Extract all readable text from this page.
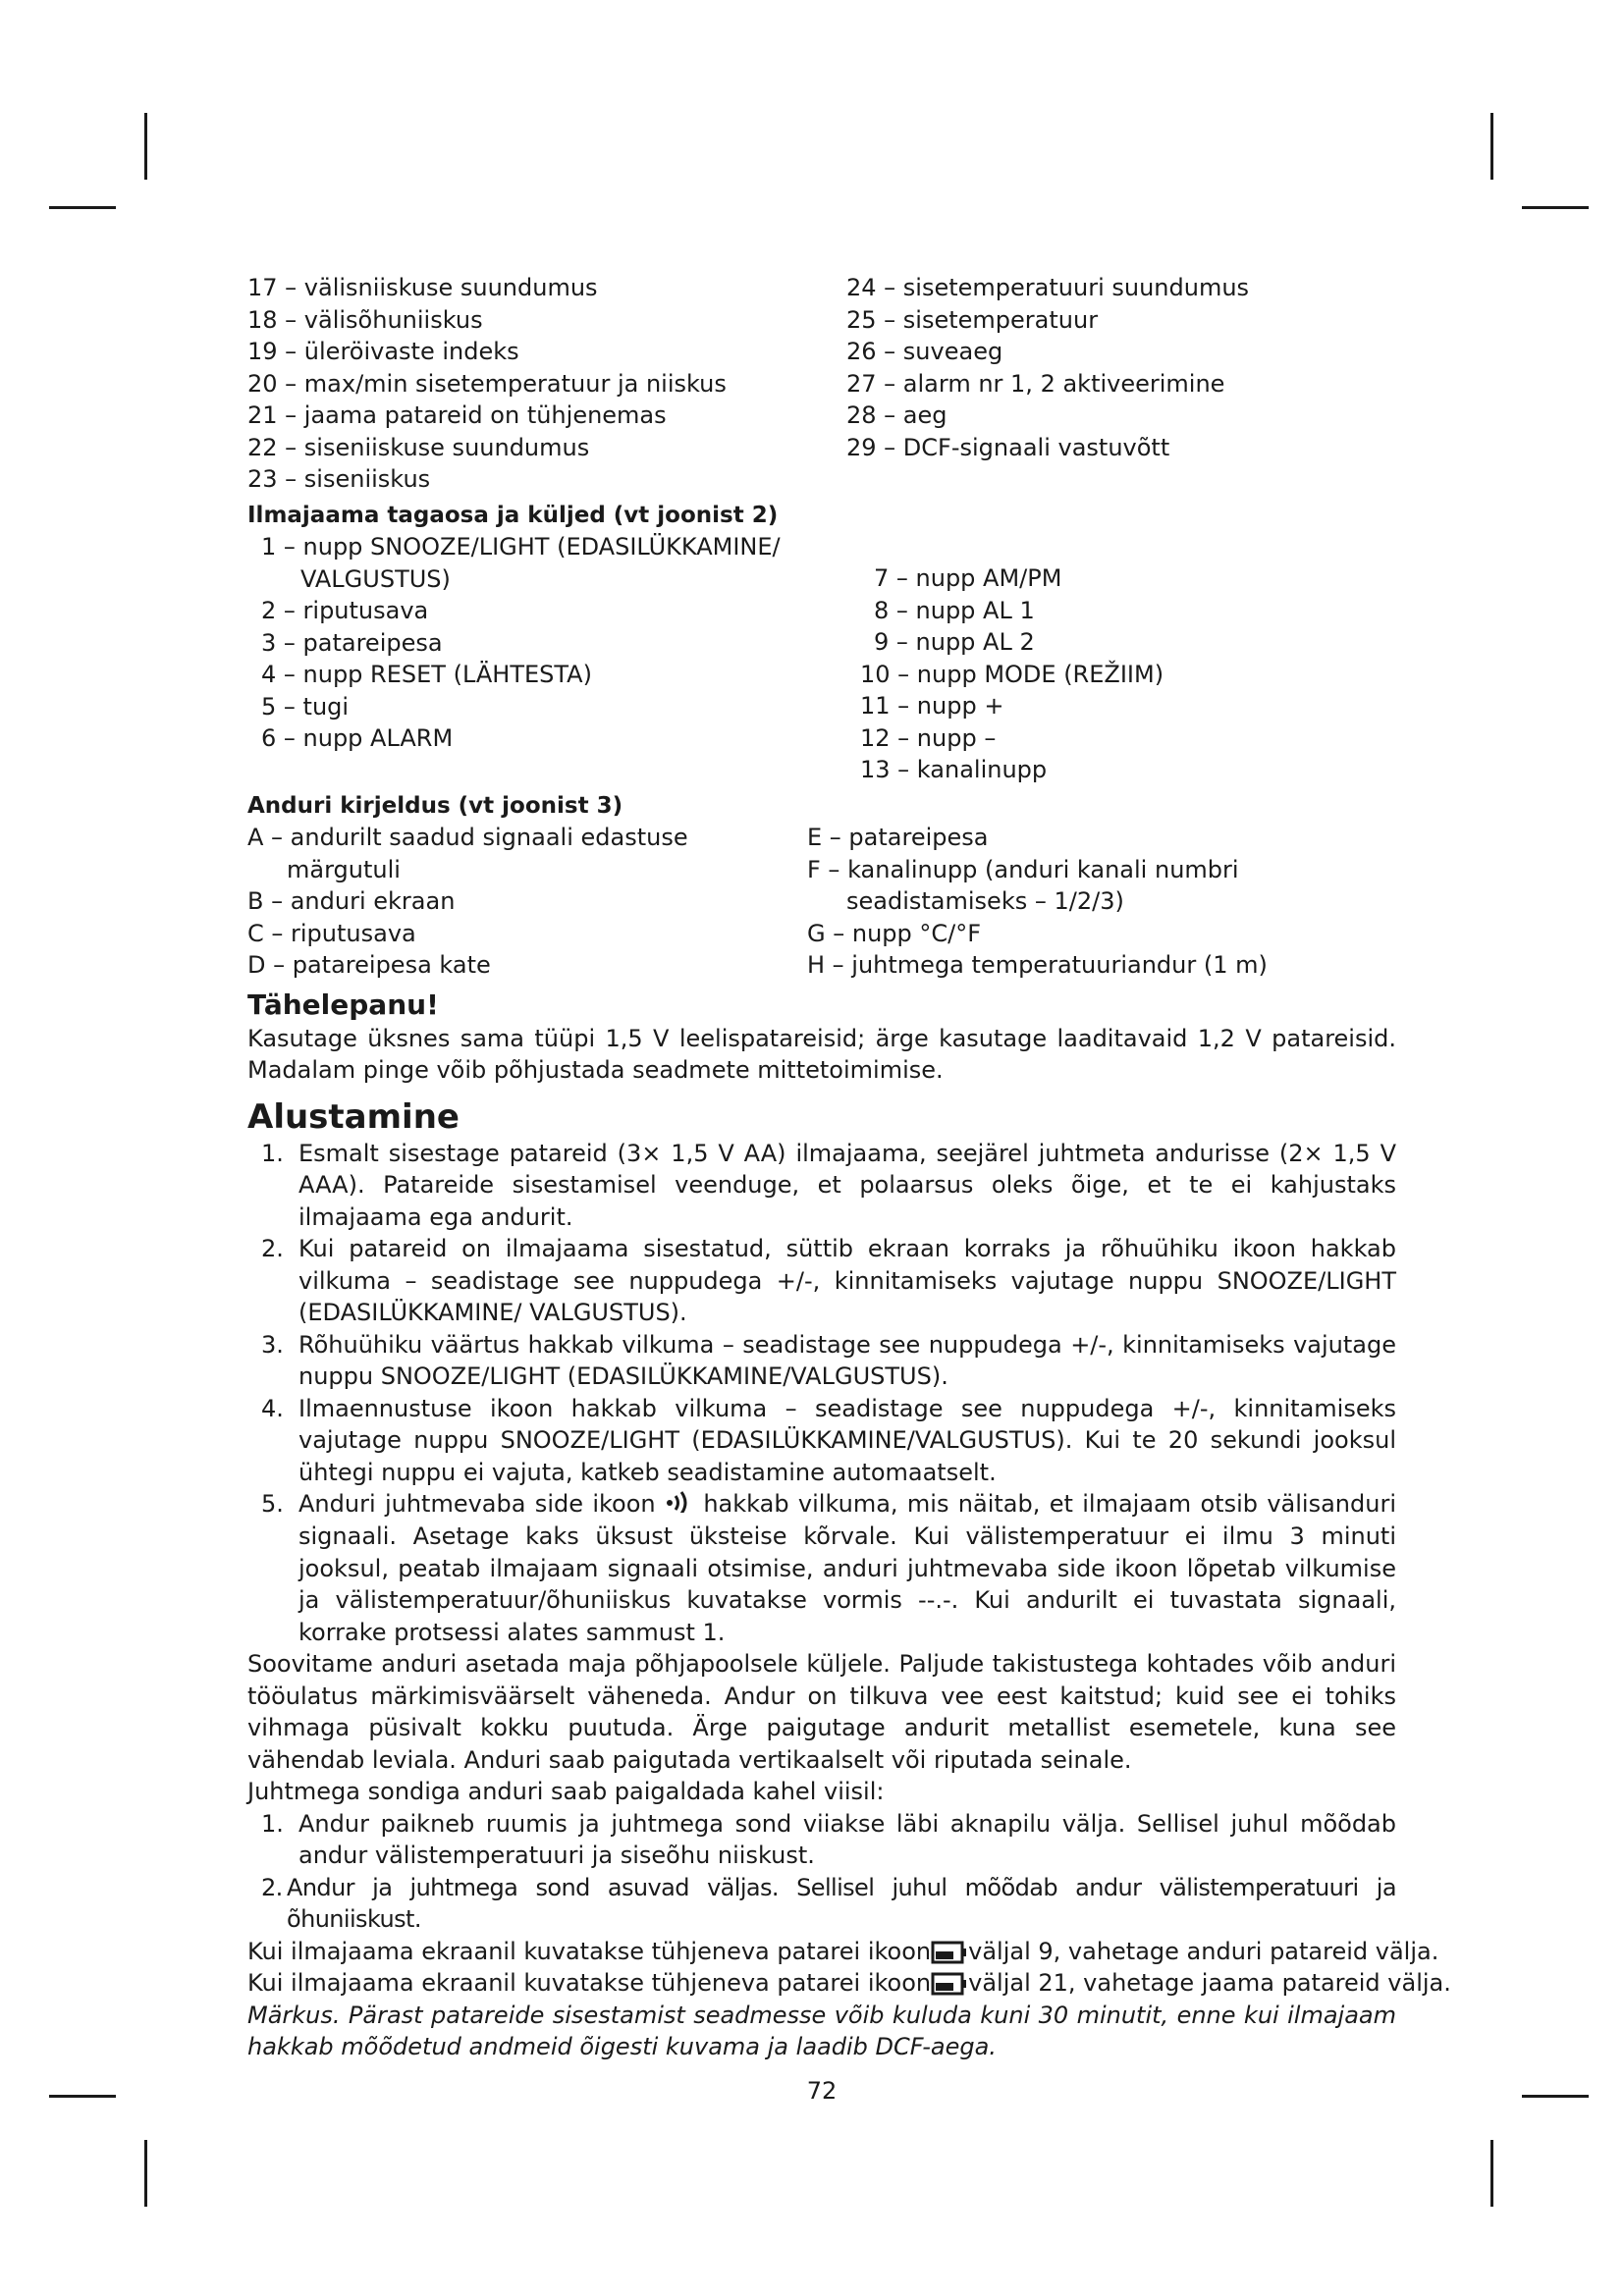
17 – välisniiskuse suundumus
18 – välisõhuniiskus
19 – üleröivaste indeks
20 – max/min sisetemperatuur ja niiskus
21 – jaama patareid on tühjenemas
22 – siseniiskuse suundumus
23 – siseniiskus
24 – sisetemperatuuri suundumus
25 – sisetemperatuur
26 – suveaeg
27 – alarm nr 1, 2 aktiveerimine
28 – aeg
29 – DCF-signaali vastuvõtt
Ilmajaama tagaosa ja küljed (vt joonist 2)
1 – nupp SNOOZE/LIGHT (EDASILÜKKAMINE/ VALGUSTUS)
2 – riputusava
3 – patareipesa
4 – nupp RESET (LÄHTESTA)
5 – tugi
6 – nupp ALARM
7 – nupp AM/PM
8 – nupp AL 1
9 – nupp AL 2
10 – nupp MODE (REŽIIM)
11 – nupp +
12 – nupp –
13 – kanalinupp
Anduri kirjeldus (vt joonist 3)
A – andurilt saadud signaali edastuse märgutuli
B – anduri ekraan
C – riputusava
D – patareipesa kate
E – patareipesa
F – kanalinupp (anduri kanali numbri seadistamiseks – 1/2/3)
G – nupp °C/°F
H – juhtmega temperatuuriandur (1 m)
Tähelepanu!
Kasutage üksnes sama tüüpi 1,5 V leelispatareisid; ärge kasutage laaditavaid 1,2 V patareisid. Madalam pinge võib põhjustada seadmete mittetoimimise.
Alustamine
1. Esmalt sisestage patareid (3× 1,5 V AA) ilmajaama, seejärel juhtmeta andurisse (2× 1,5 V AAA). Patareide sisestamisel veenduge, et polaarsus oleks õige, et te ei kahjustaks ilmajaama ega andurit.
2. Kui patareid on ilmajaama sisestatud, süttib ekraan korraks ja rõhuühiku ikoon hakkab vilkuma – seadistage see nuppudega +/-, kinnitamiseks vajutage nuppu SNOOZE/LIGHT (EDASILÜKKAMINE/ VALGUSTUS).
3. Rõhuühiku väärtus hakkab vilkuma – seadistage see nuppudega +/-, kinnitamiseks vajutage nuppu SNOOZE/LIGHT (EDASILÜKKAMINE/VALGUSTUS).
4. Ilmaennustuse ikoon hakkab vilkuma – seadistage see nuppudega +/-, kinnitamiseks vajutage nuppu SNOOZE/LIGHT (EDASILÜKKAMINE/VALGUSTUS). Kui te 20 sekundi jooksul ühtegi nuppu ei vajuta, katkeb seadistamine automaatselt.
5. Anduri juhtmevaba side ikoon hakkab vilkuma, mis näitab, et ilmajaam otsib välisanduri signaali. Asetage kaks üksust üksteise kõrvale. Kui välistemperatuur ei ilmu 3 minuti jooksul, peatab ilmajaam signaali otsimise, anduri juhtmevaba side ikoon lõpetab vilkumise ja välistemperatuur/õhuniiskus kuvatakse vormis --.-. Kui andurilt ei tuvastata signaali, korrake protsessi alates sammust 1.
Soovitame anduri asetada maja põhjapoolsele küljele. Paljude takistustega kohtades võib anduri tööulatus märkimisväärselt väheneda. Andur on tilkuva vee eest kaitstud; kuid see ei tohiks vihmaga püsivalt kokku puutuda. Ärge paigutage andurit metallist esemetele, kuna see vähendab leviala. Anduri saab paigutada vertikaalselt või riputada seinale.
Juhtmega sondiga anduri saab paigaldada kahel viisil:
1. Andur paikneb ruumis ja juhtmega sond viiakse läbi aknapilu välja. Sellisel juhul mõõdab andur välistemperatuuri ja siseõhu niiskust.
2. Andur ja juhtmega sond asuvad väljas. Sellisel juhul mõõdab andur välistemperatuuri ja õhuniiskust.
Kui ilmajaama ekraanil kuvatakse tühjeneva patarei ikoon väljal 9, vahetage anduri patareid välja.
Kui ilmajaama ekraanil kuvatakse tühjeneva patarei ikoon väljal 21, vahetage jaama patareid välja.
Märkus. Pärast patareide sisestamist seadmesse võib kuluda kuni 30 minutit, enne kui ilmajaam hakkab mõõdetud andmeid õigesti kuvama ja laadib DCF-aega.
72
